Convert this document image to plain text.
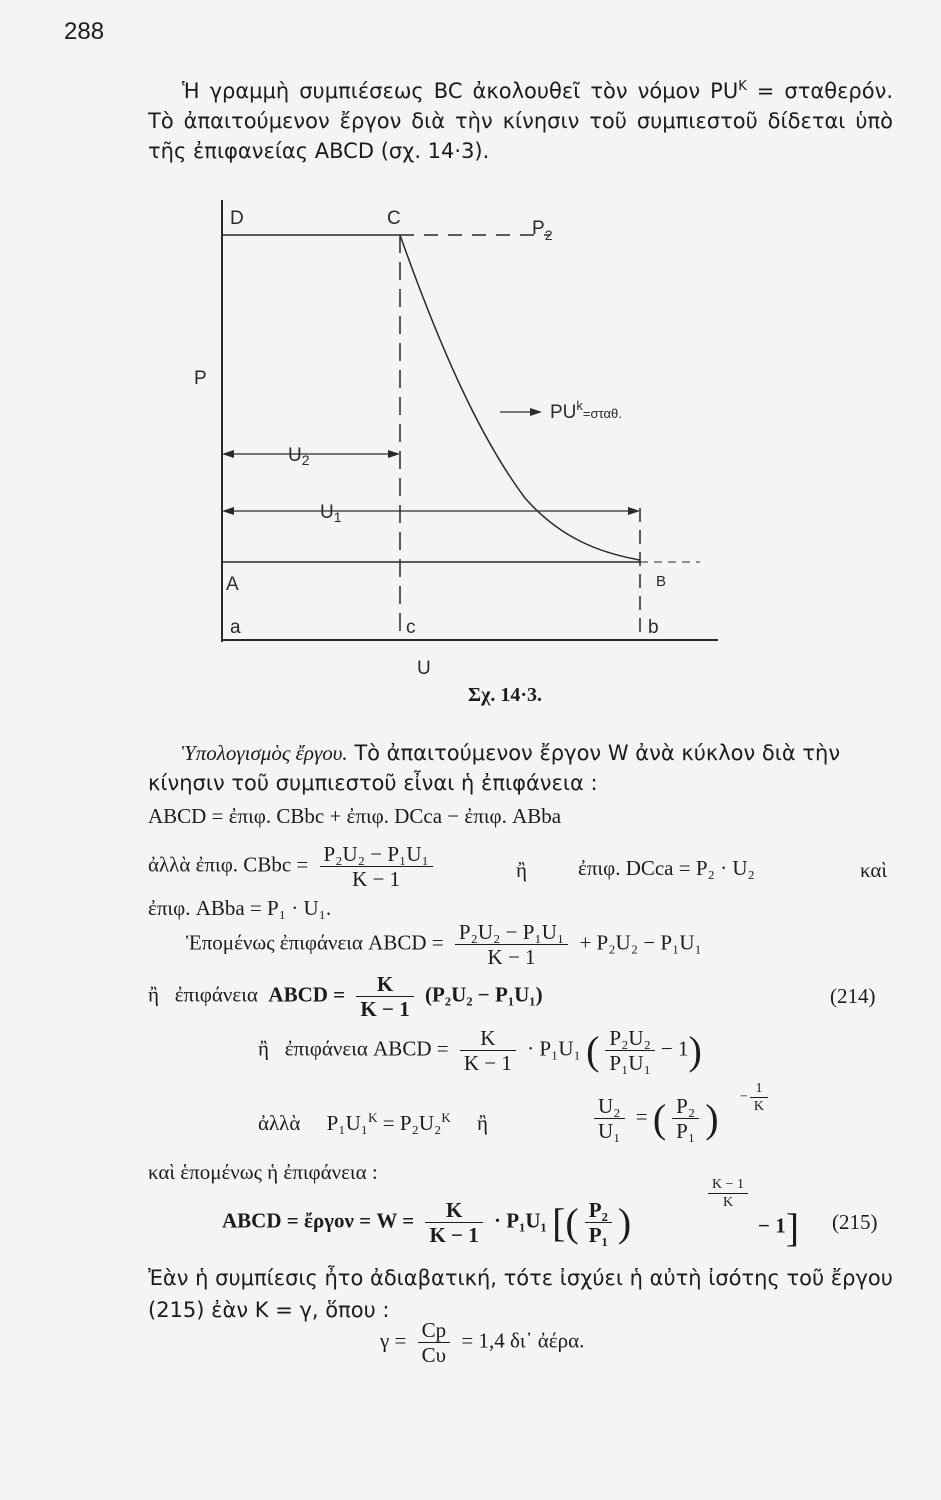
288

Ἡ γραμμὴ συμπιέσεως BC ἀκολουθεῖ τὸν νόμον $PU^K = \sigma\tau\alpha\theta\varepsilon\rho ό\nu$. Τὸ ἀπαιτούμενον ἔργον διὰ τὴν κίνησιν τοῦ συμπιεστοῦ δίδεται ὑπὸ τῆς ἐπιφανείας ABCD (σχ. 14·3).

D	C	$P_2$
P
$PU^k_{=\sigma\tau\alpha\theta.}$
$U_2$
$U_1$
A	B
a	c	b
U
Σχ. 14·3.
Ὑπολογισμὸς ἔργου. Τὸ ἀπαιτούμενον ἔργον W ἀνὰ κύκλον διὰ τὴν κίνησιν τοῦ συμπιεστοῦ εἶναι ἡ ἐπιφάνεια :
ABCD = ἐπιφ. CBbc + ἐπιφ. DCca − ἐπιφ. ABba
ἀλλὰ ἐπιφ. CBbc = $\frac{\text{P₂U₂ − P₁U₁}}{K - 1}$	ἢ ἐπιφ. DCca = P₂ · U₂	καὶ
ἐπιφ. ABba = P₁ · U₁.
Ἑπομένως ἐπιφάνεια ABCD = $\frac{\text{P₂U₂ − P₁U₁}}{K - 1} + P_2U_2 - P_1U_1$
ἢ ἐπιφάνεια ABCD = $\frac{K}{K - 1} (P_2U_2 - P_1U_1)$	(214)
ἢ ἐπιφάνεια ABCD = $\frac{K}{K - 1} \cdot P_1U_1$ ( $\frac{\text{P₂U₂}}{\text{P₁U₁}} - 1$)
ἀλλὰ P₁U₁$^K$ = P₂U₂$^K$ ἢ	$\frac{\text{U₂}}{\text{U₁}}$ = ( $\frac{\text{P₂}}{\text{P₁}}$ ) − $\frac{1}{K}$
καὶ ἑπομένως ἡ ἐπιφάνεια :
ABCD = ἔργον = $W = \frac{K}{K - 1} \cdot P_1U_1$ [( $\frac{\text{P₂}}{\text{P₁}}$ )
$\frac{K - 1}{K}$
− 1] (215)
Ἐὰν ἡ συμπίεσις ἦτο ἀδιαβατική, τότε ἰσχύει ἡ αὐτὴ ἰσότης τοῦ ἔργου (215) ἐὰν K = γ, ὅπου :
$\gamma = \frac{Cp}{C\upsilon} = 1,4$ δι᾽ ἀέρα.
